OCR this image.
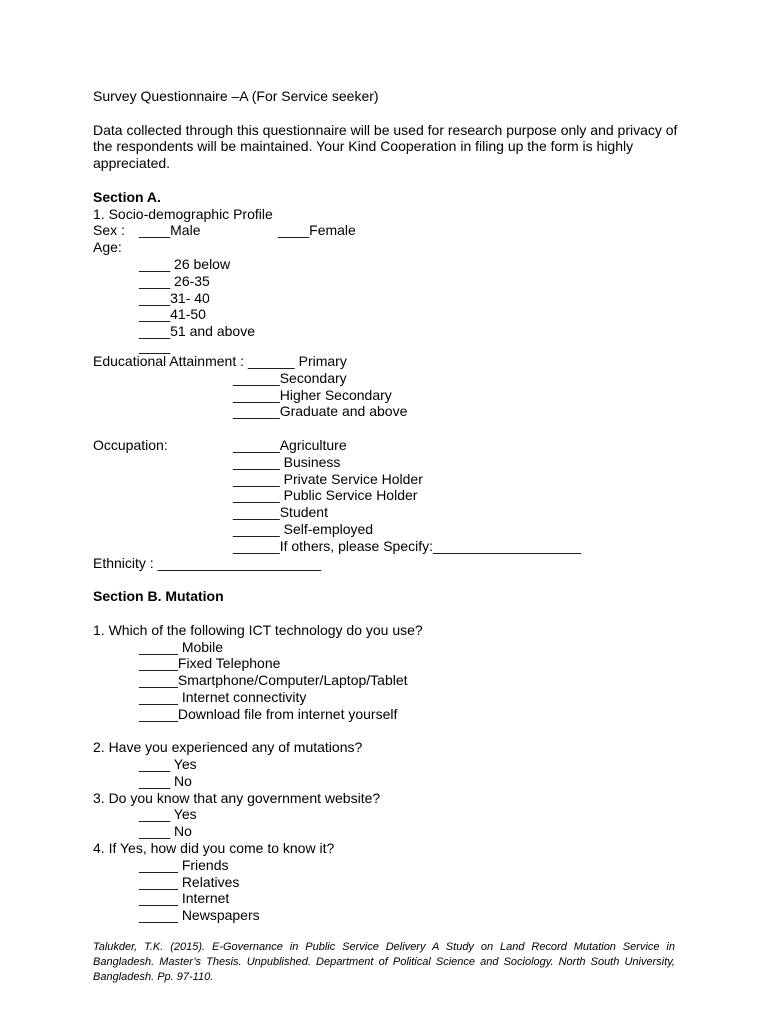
Survey Questionnaire –A (For Service seeker)
Data collected through this questionnaire will be used for research purpose only and privacy of the respondents will be maintained. Your Kind Cooperation in filing up the form is highly appreciated.
Section A.
1. Socio-demographic Profile
Sex :	____Male	____Female
Age:
____ 26 below
____ 26-35
____31- 40
____41-50
____51 and above
____
Educational Attainment : ______ Primary
______Secondary
______Higher Secondary
______Graduate and above
Occupation:	______Agriculture
______ Business
______ Private Service Holder
______ Public Service Holder
______Student
______ Self-employed
______If others, please Specify:___________________
Ethnicity : _____________________
Section B. Mutation
1. Which of the following ICT technology do you use?
_____ Mobile
_____Fixed Telephone
_____Smartphone/Computer/Laptop/Tablet
_____ Internet connectivity
_____Download file from internet yourself
2. Have you experienced any of mutations?
____ Yes
____ No
3. Do you know that any government website?
____ Yes
____ No
4. If Yes, how did you come to know it?
_____ Friends
_____ Relatives
_____ Internet
_____ Newspapers
Talukder, T.K. (2015). E-Governance in Public Service Delivery A Study on Land Record Mutation Service in Bangladesh. Master’s Thesis. Unpublished. Department of Political Science and Sociology. North South University, Bangladesh. Pp. 97-110.
